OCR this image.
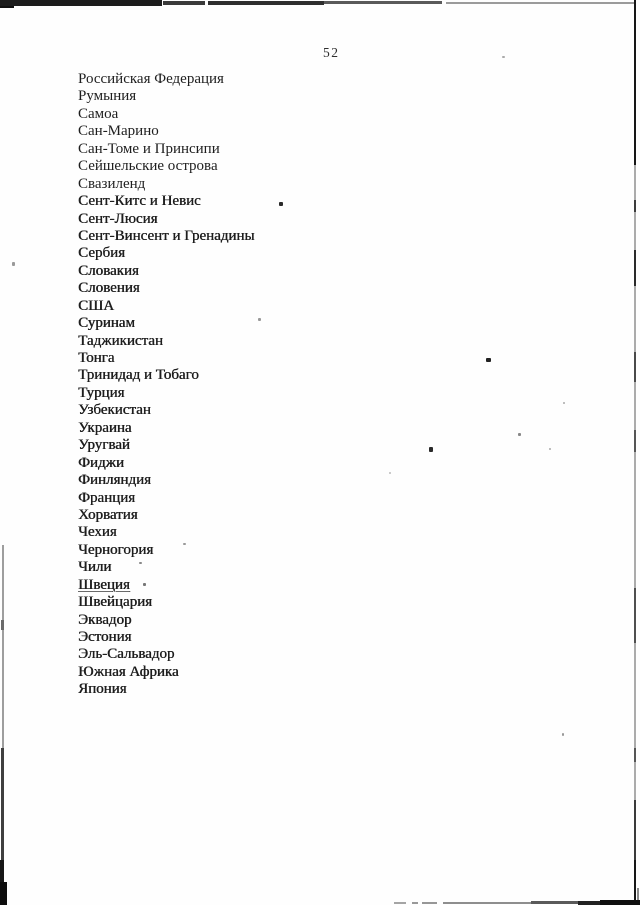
52
Российская Федерация
Румыния
Самоа
Сан-Марино
Сан-Томе и Принсипи
Сейшельские острова
Свазиленд
Сент-Китс и Невис
Сент-Люсия
Сент-Винсент и Гренадины
Сербия
Словакия
Словения
США
Суринам
Таджикистан
Тонга
Тринидад и Тобаго
Турция
Узбекистан
Украина
Уругвай
Фиджи
Финляндия
Франция
Хорватия
Чехия
Черногория
Чили
Швеция
Швейцария
Эквадор
Эстония
Эль-Сальвадор
Южная Африка
Япония
